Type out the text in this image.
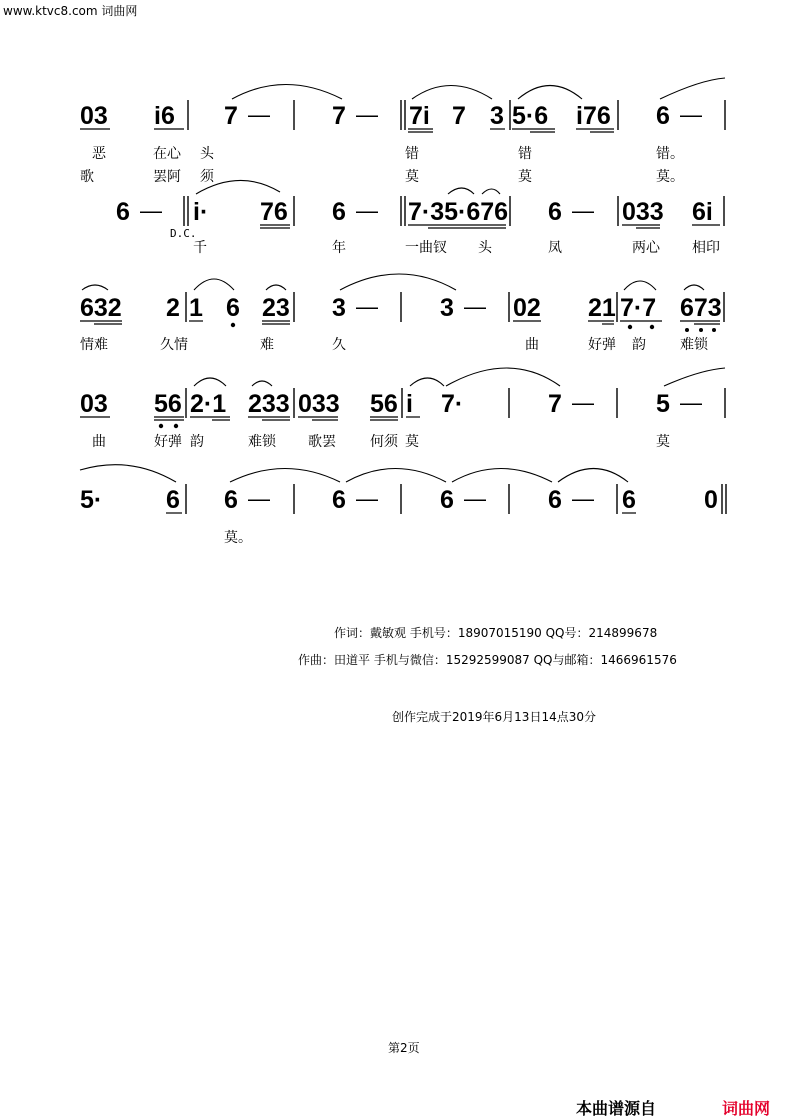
www.ktvc8.com 词曲网
03 i6 7 — 7 — 7i 7 3 5·6 i76 6 —
恶	在心 头	错	错	错。
歌	罢阿 须	莫	莫	莫。
6 — i·
D.C.
76 6 — 7·35·676 6 — 033 6i
千	年	一曲钗 头	凤	两心 相印
632 2 1 6 23 3 — 3 — 02 21 7·7 673
情难	久情	难	久	曲	好弹 韵 难锁
03 56 2·1 233 033 56 i 7·	7 — 5 —
曲	好弹 韵	难锁 歌罢 何须 莫	莫
5·	6 6 — 6 — 6 — 6 — 6	0
莫。
作词：戴敏观 手机号：18907015190 QQ号：214899678
作曲：田道平 手机与微信：15292599087 QQ与邮箱：1466961576
创作完成于2019年6月13日14点30分
第2页
本曲谱源自	词曲网
